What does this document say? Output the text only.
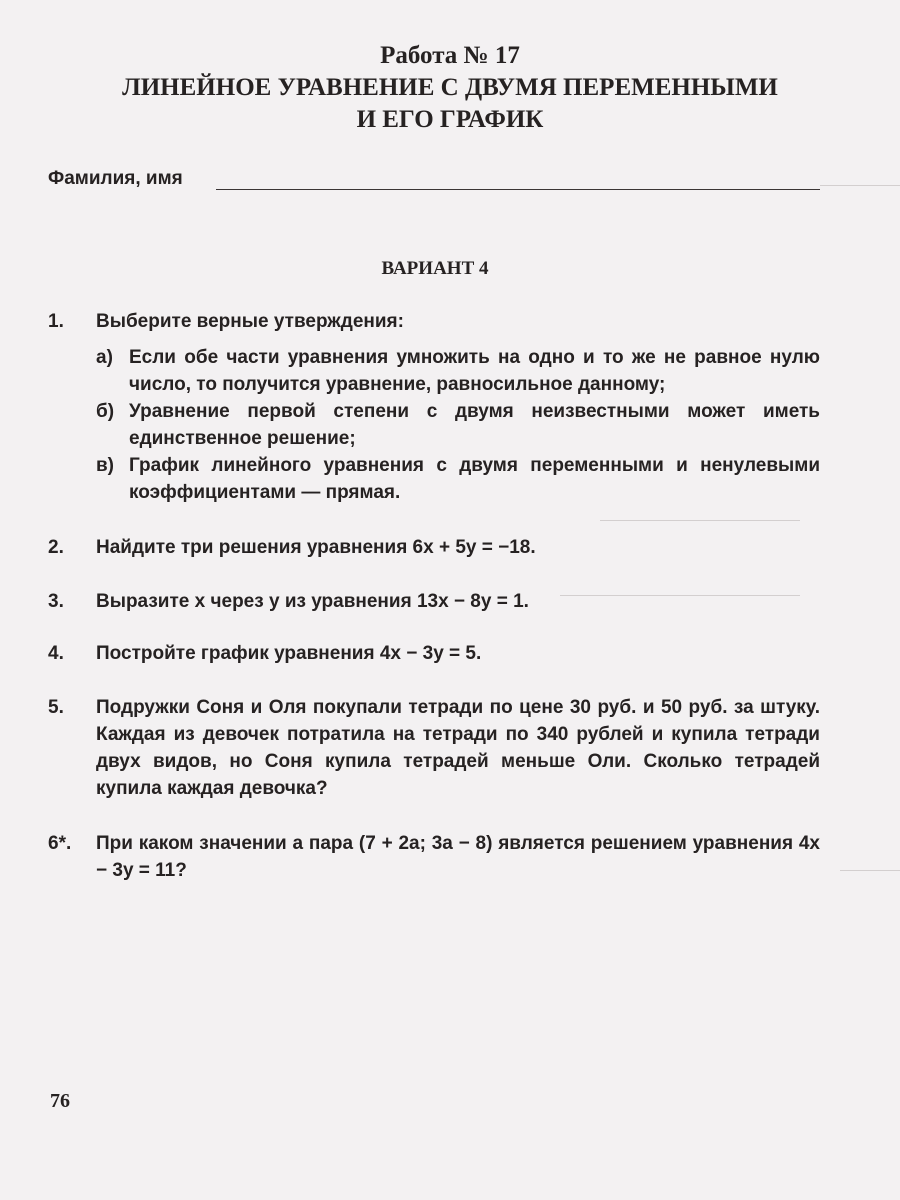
Работа № 17
ЛИНЕЙНОЕ УРАВНЕНИЕ С ДВУМЯ ПЕРЕМЕННЫМИ
И ЕГО ГРАФИК
Фамилия, имя
ВАРИАНТ 4
1. Выберите верные утверждения:
а) Если обе части уравнения умножить на одно и то же не равное нулю число, то получится уравнение, равносильное данному;
б) Уравнение первой степени с двумя неизвестными может иметь единственное решение;
в) График линейного уравнения с двумя переменными и ненулевыми коэффициентами — прямая.
2. Найдите три решения уравнения 6x + 5y = −18.
3. Выразите x через y из уравнения 13x − 8y = 1.
4. Постройте график уравнения 4x − 3y = 5.
5. Подружки Соня и Оля покупали тетради по цене 30 руб. и 50 руб. за штуку. Каждая из девочек потратила на тетради по 340 рублей и купила тетради двух видов, но Соня купила тетрадей меньше Оли. Сколько тетрадей купила каждая девочка?
6*. При каком значении a пара (7 + 2a; 3a − 8) является решением уравнения 4x − 3y = 11?
76
